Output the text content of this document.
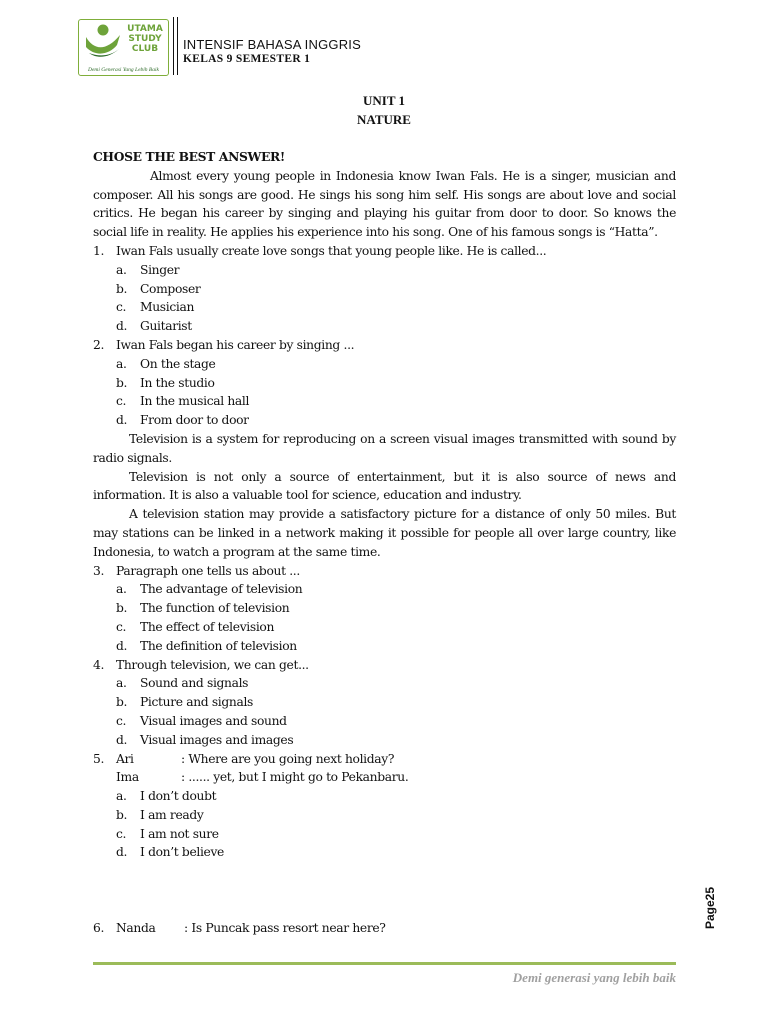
UTAMA
STUDY
CLUB
Demi Generasi Yang Lebih Baik
INTENSIF BAHASA INGGRIS
KELAS 9 SEMESTER 1
UNIT 1
NATURE

CHOSE THE BEST ANSWER!

Almost every young people in Indonesia know Iwan Fals. He is a singer, musician and composer. All his songs are good. He sings his song him self. His songs are about love and social critics. He began his career by singing and playing his guitar from door to door. So knows the social life in reality. He applies his experience into his song. One of his famous songs is “Hatta”.

1. Iwan Fals usually create love songs that young people like. He is called...
a.	Singer
b.	Composer
c.	Musician
d.	Guitarist
2. Iwan Fals began his career by singing ...
a.	On the stage
b.	In the studio
c.	In the musical hall
d.	From door to door

Television is a system for reproducing on a screen visual images transmitted with sound by radio signals.

Television is not only a source of entertainment, but it is also source of news and information. It is also a valuable tool for science, education and industry.

A television station may provide a satisfactory picture for a distance of only 50 miles. But may stations can be linked in a network making it possible for people all over large country, like Indonesia, to watch a program at the same time.

3. Paragraph one tells us about ...
a.	The advantage of television
b.	The function of television
c.	The effect of television
d.	The definition of television
4. Through television, we can get...
a.	Sound and signals
b.	Picture and signals
c.	Visual images and sound
d.	Visual images and images
5. Ari	: Where are you going next holiday?
Ima	: ...... yet, but I might go to Pekanbaru.
a.	I don’t doubt
b.	I am ready
c.	I am not sure
d.	I don’t believe
6. Nanda	: Is Puncak pass resort near here?	Page25
Demi generasi yang lebih baik
